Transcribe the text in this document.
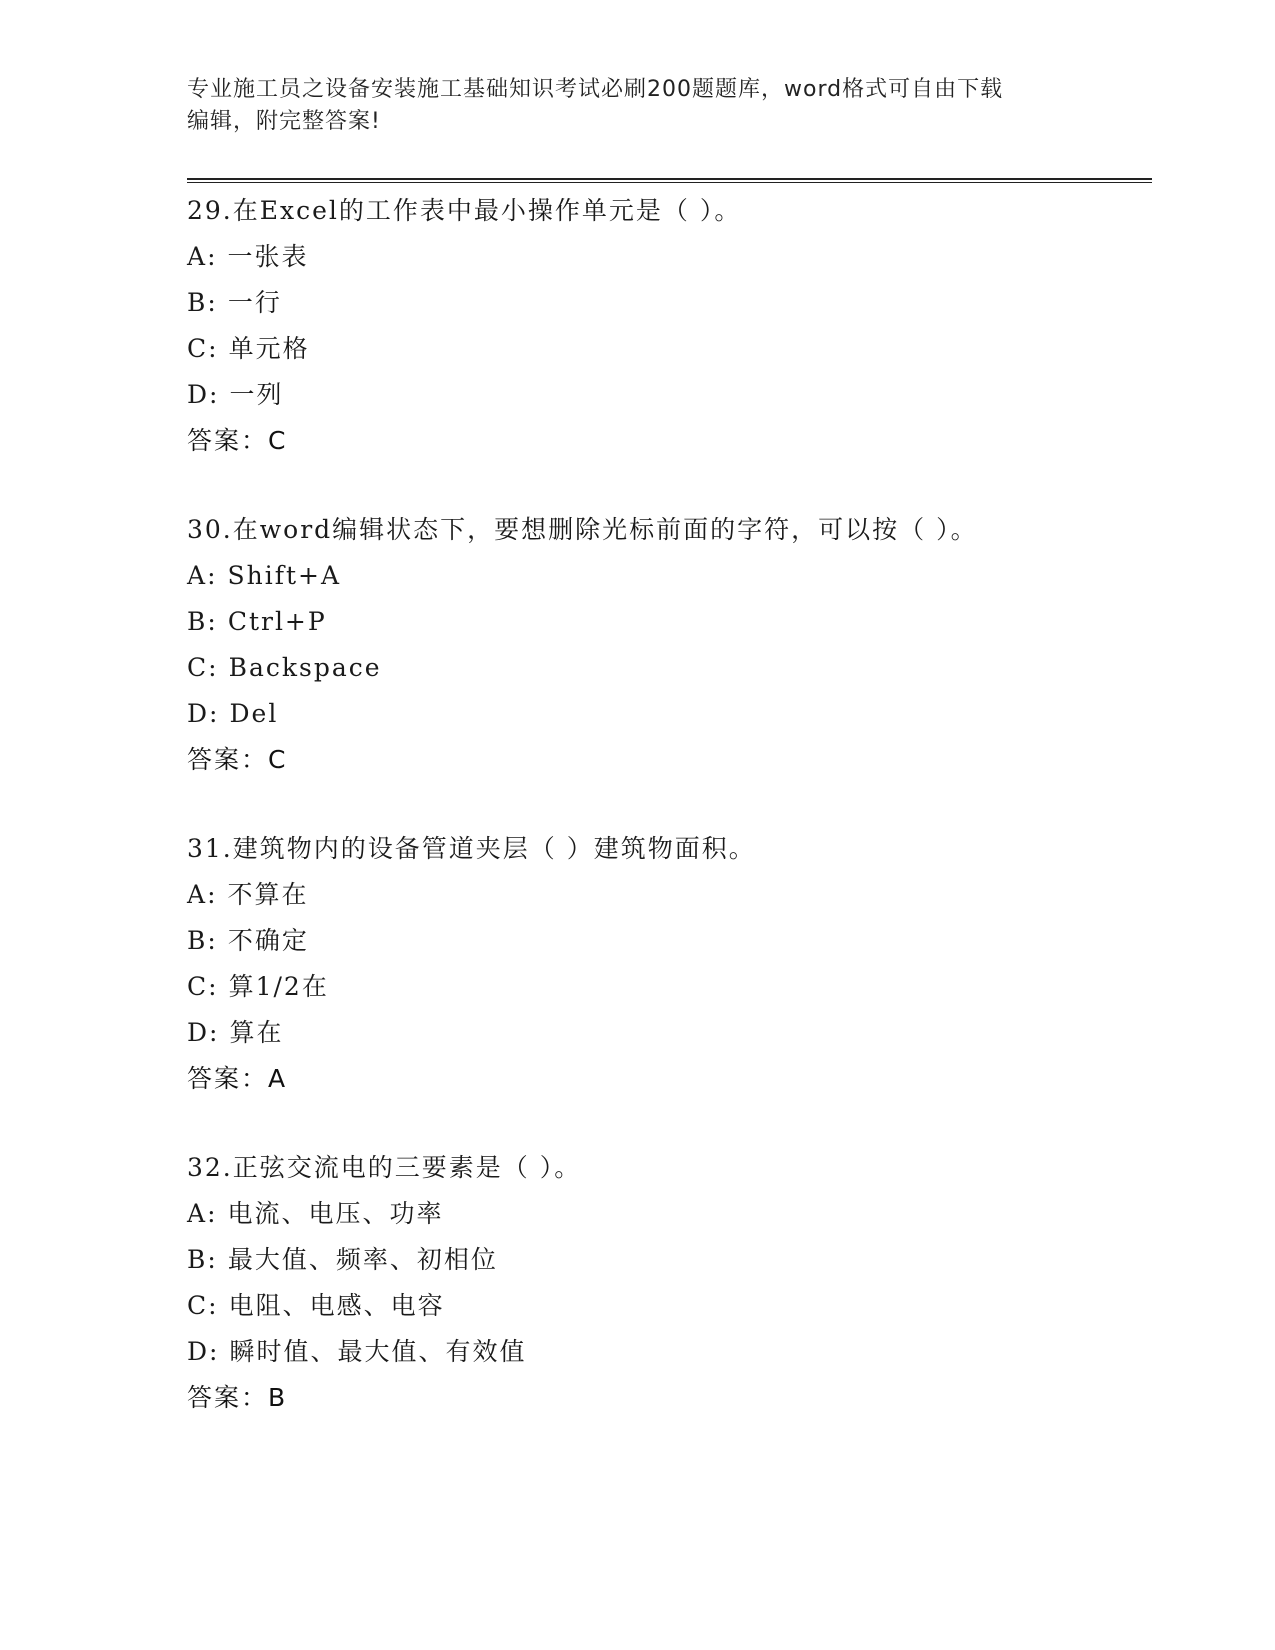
专业施工员之设备安装施工基础知识考试必刷200题题库，word格式可自由下载
编辑，附完整答案!
29.在Excel的工作表中最小操作单元是（ ）。
A: 一张表
B: 一行
C: 单元格
D: 一列
答案：C
30.在word编辑状态下，要想删除光标前面的字符，可以按（ ）。
A: Shift+A
B: Ctrl+P
C: Backspace
D: Del
答案：C
31.建筑物内的设备管道夹层（ ）建筑物面积。
A: 不算在
B: 不确定
C: 算1/2在
D: 算在
答案：A
32.正弦交流电的三要素是（ ）。
A: 电流、电压、功率
B: 最大值、频率、初相位
C: 电阻、电感、电容
D: 瞬时值、最大值、有效值
答案：B
